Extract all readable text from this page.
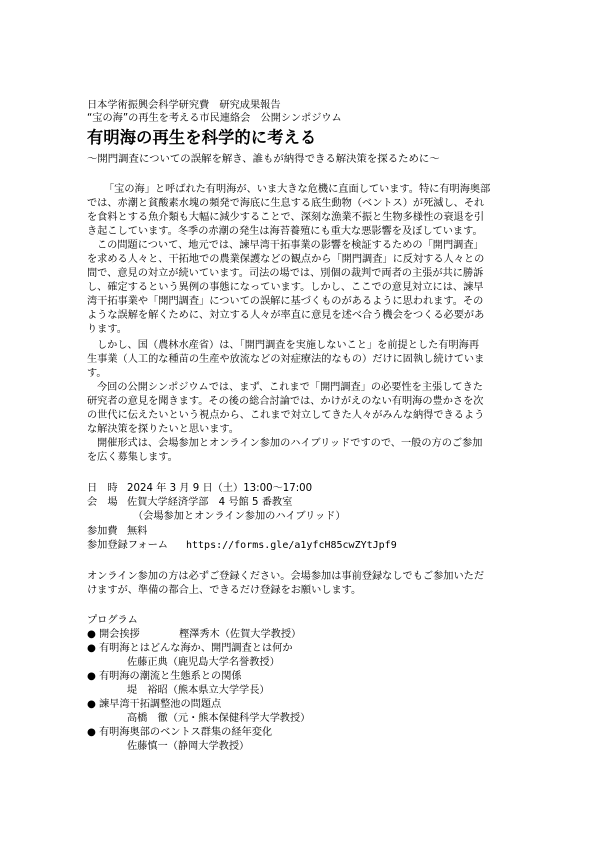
日本学術振興会科学研究費　研究成果報告
“宝の海”の再生を考える市民連絡会　公開シンポジウム
有明海の再生を科学的に考える
～開門調査についての誤解を解き、誰もが納得できる解決策を探るために～
「宝の海」と呼ばれた有明海が、いま大きな危機に直面しています。特に有明海奥部
では、赤潮と貧酸素水塊の頻発で海底に生息する底生動物（ベントス）が死滅し、それ
を食料とする魚介類も大幅に減少することで、深刻な漁業不振と生物多様性の衰退を引
き起こしています。冬季の赤潮の発生は海苔養殖にも重大な悪影響を及ぼしています。
この問題について、地元では、諫早湾干拓事業の影響を検証するための「開門調査」
を求める人々と、干拓地での農業保護などの観点から「開門調査」に反対する人々との
間で、意見の対立が続いています。司法の場では、別個の裁判で両者の主張が共に勝訴
し、確定するという異例の事態になっています。しかし、ここでの意見対立には、諫早
湾干拓事業や「開門調査」についての誤解に基づくものがあるように思われます。その
ような誤解を解くために、対立する人々が率直に意見を述べ合う機会をつくる必要があ
ります。
しかし、国（農林水産省）は、「開門調査を実施しないこと」を前提とした有明海再
生事業（人工的な種苗の生産や放流などの対症療法的なもの）だけに固執し続けていま
す。
今回の公開シンポジウムでは、まず、これまで「開門調査」の必要性を主張してきた
研究者の意見を聞きます。その後の総合討論では、かけがえのない有明海の豊かさを次
の世代に伝えたいという視点から、これまで対立してきた人々がみんな納得できるよう
な解決策を探りたいと思います。
開催形式は、会場参加とオンライン参加のハイブリッドですので、一般の方のご参加
を広く募集します。
日　時 2024 年 3 月 9 日（土）13:00～17:00
会　場 佐賀大学経済学部　4 号館 5 番教室
（会場参加とオンライン参加のハイブリッド）
参加費 無料
参加登録フォーム https://forms.gle/a1yfcH85cwZYtJpf9
オンライン参加の方は必ずご登録ください。会場参加は事前登録なしでもご参加いただ
けますが、準備の都合上、できるだけ登録をお願いします。
プログラム
● 開会挨拶	樫澤秀木（佐賀大学教授）
● 有明海とはどんな海か、開門調査とは何か
佐藤正典（鹿児島大学名誉教授）
● 有明海の潮流と生態系との関係
堤　裕昭（熊本県立大学学長）
● 諫早湾干拓調整池の問題点
高橋　徹（元・熊本保健科学大学教授）
● 有明海奥部のベントス群集の経年変化
佐藤慎一（静岡大学教授）
